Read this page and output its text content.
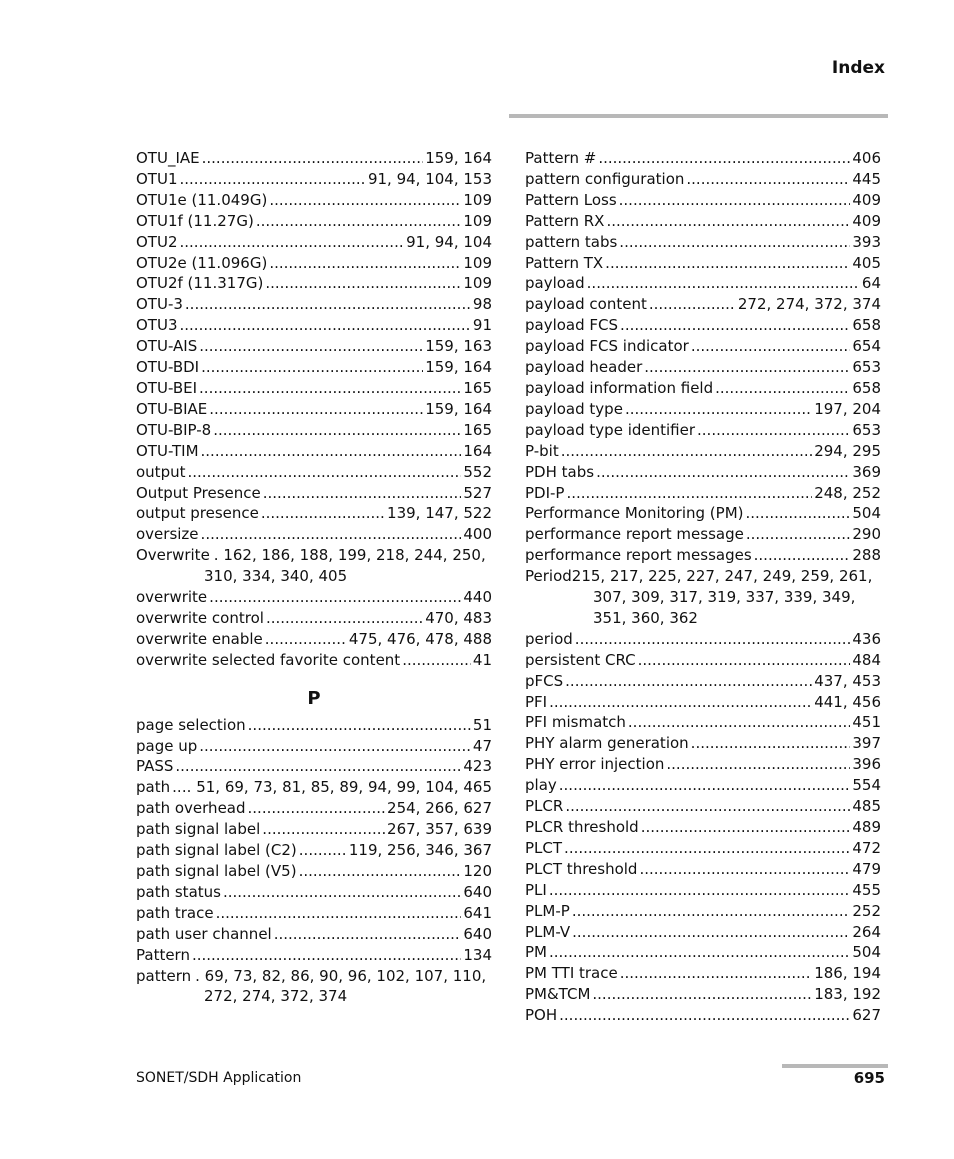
Index
OTU_IAE .....	159, 164
OTU1 .....	91, 94, 104, 153
OTU1e (11.049G) .....	109
OTU1f (11.27G) .....	109
OTU2 .....	91, 94, 104
OTU2e (11.096G) .....	109
OTU2f (11.317G) .....	109
OTU-3 .....	98
OTU3 .....	91
OTU-AIS .....	159, 163
OTU-BDI .....	159, 164
OTU-BEI .....	165
OTU-BIAE .....	159, 164
OTU-BIP-8 .....	165
OTU-TIM .....	164
output .....	552
Output Presence .....	527
output presence .....	139, 147, 522
oversize .....	400
Overwrite . 162, 186, 188, 199, 218, 244, 250,
310, 334, 340, 405
overwrite .....	440
overwrite control .....	470, 483
overwrite enable .....	475, 476, 478, 488
overwrite selected favorite content .....	41
P
page selection .....	51
page up .....	47
PASS .....	423
path ..... .. 51, 69, 73, 81, 85, 89, 94, 99, 104, 465
path overhead .....	254, 266, 627
path signal label .....	267, 357, 639
path signal label (C2) .....	119, 256, 346, 367
path signal label (V5) .....	120
path status .....	640
path trace .....	641
path user channel .....	640
Pattern .....	134
pattern . 69, 73, 82, 86, 90, 96, 102, 107, 110,
272, 274, 372, 374
Pattern # .....	406
pattern configuration .....	445
Pattern Loss .....	409
Pattern RX .....	409
pattern tabs .....	393
Pattern TX .....	405
payload .....	64
payload content .....	272, 274, 372, 374
payload FCS .....	658
payload FCS indicator .....	654
payload header .....	653
payload information field .....	658
payload type .....	197, 204
payload type identifier .....	653
P-bit .....	294, 295
PDH tabs .....	369
PDI-P .....	248, 252
Performance Monitoring (PM) .....	504
performance report message .....	290
performance report messages .....	288
Period 215, 217, 225, 227, 247, 249, 259, 261,
307, 309, 317, 319, 337, 339, 349,
351, 360, 362
period .....	436
persistent CRC .....	484
pFCS .....	437, 453
PFI .....	441, 456
PFI mismatch .....	451
PHY alarm generation .....	397
PHY error injection .....	396
play .....	554
PLCR .....	485
PLCR threshold .....	489
PLCT .....	472
PLCT threshold .....	479
PLI .....	455
PLM-P .....	252
PLM-V .....	264
PM .....	504
PM TTI trace .....	186, 194
PM&TCM .....	183, 192
POH .....	627
SONET/SDH Application	695
